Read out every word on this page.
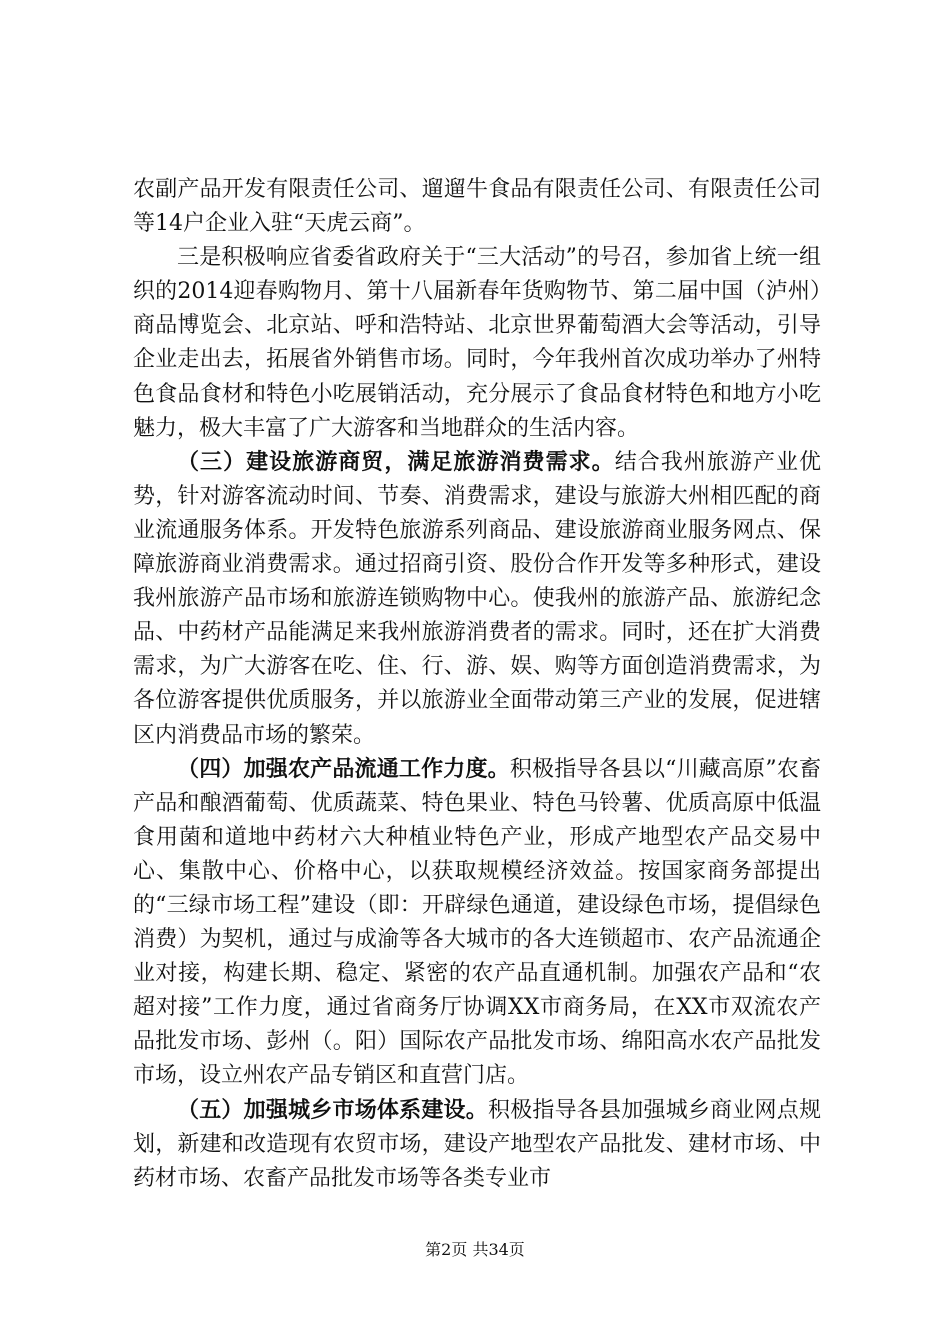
农副产品开发有限责任公司、遛遛牛食品有限责任公司、有限责任公司等14户企业入驻“天虎云商”。

三是积极响应省委省政府关于“三大活动”的号召，参加省上统一组织的2014迎春购物月、第十八届新春年货购物节、第二届中国（泸州）商品博览会、北京站、呼和浩特站、北京世界葡萄酒大会等活动，引导企业走出去，拓展省外销售市场。同时，今年我州首次成功举办了州特色食品食材和特色小吃展销活动，充分展示了食品食材特色和地方小吃魅力，极大丰富了广大游客和当地群众的生活内容。

（三）建设旅游商贸，满足旅游消费需求。结合我州旅游产业优势，针对游客流动时间、节奏、消费需求，建设与旅游大州相匹配的商业流通服务体系。开发特色旅游系列商品、建设旅游商业服务网点、保障旅游商业消费需求。通过招商引资、股份合作开发等多种形式，建设我州旅游产品市场和旅游连锁购物中心。使我州的旅游产品、旅游纪念品、中药材产品能满足来我州旅游消费者的需求。同时，还在扩大消费需求，为广大游客在吃、住、行、游、娱、购等方面创造消费需求，为各位游客提供优质服务，并以旅游业全面带动第三产业的发展，促进辖区内消费品市场的繁荣。

（四）加强农产品流通工作力度。积极指导各县以“川藏高原”农畜产品和酿酒葡萄、优质蔬菜、特色果业、特色马铃薯、优质高原中低温食用菌和道地中药材六大种植业特色产业，形成产地型农产品交易中心、集散中心、价格中心，以获取规模经济效益。按国家商务部提出的“三绿市场工程”建设（即：开辟绿色通道，建设绿色市场，提倡绿色消费）为契机，通过与成渝等各大城市的各大连锁超市、农产品流通企业对接，构建长期、稳定、紧密的农产品直通机制。加强农产品和“农超对接”工作力度，通过省商务厅协调XX市商务局，在XX市双流农产品批发市场、彭州（。阳）国际农产品批发市场、绵阳高水农产品批发市场，设立州农产品专销区和直营门店。

（五）加强城乡市场体系建设。积极指导各县加强城乡商业网点规划，新建和改造现有农贸市场，建设产地型农产品批发、建材市场、中药材市场、农畜产品批发市场等各类专业市

第2页 共34页
